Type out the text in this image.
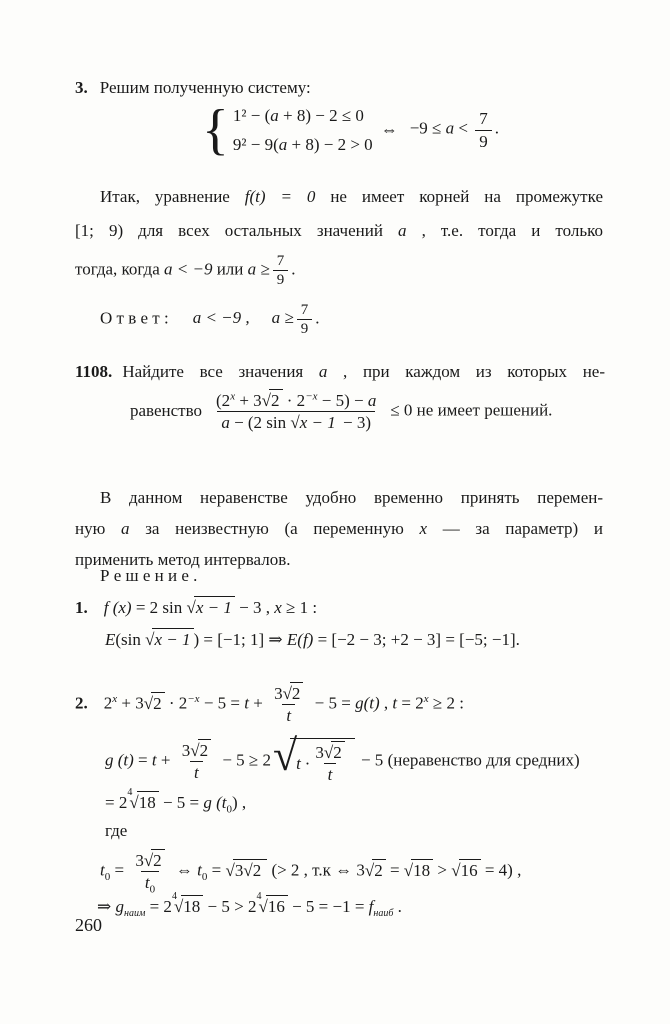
3. Решим полученную систему:
{ 1² − (a + 8) − 2 ≤ 0
9² − 9(a + 8) − 2 > 0
⇔ $-9 \le a < \frac{7}{9}$ .
Итак, уравнение f(t) = 0 не имеет корней на промежутке
[1; 9) для всех остальных значений a , т.е. тогда и только
тогда, когда a < −9 или $a \ge \frac{7}{9}$ .
О т в е т : a < −9 , $a \ge \frac{7}{9}$ .
1108. Найдите все значения a , при каждом из которых не-
равенство $\frac{(2^x + 3√2 \cdot 2^{-x} - 5) - a}{a - (2 \sin √x - 1 - 3)} \le 0$ не имеет решений.
В данном неравенстве удобно временно принять перемен-
ную a за неизвестную (а переменную x — за параметр) и
применить метод интервалов.
Р е ш е н и е .
1. f (x) = 2 sin √x − 1 − 3 , x ≥ 1 :
E(sin √x − 1 ) = [−1; 1] ⇒ E(f) = [−2 − 3; +2 − 3] = [−5; −1].
2. $2^x + 3√2 \cdot 2^{-x} - 5 = t + \frac{3√2}{t} - 5 = g(t)$ , $t = 2^x \ge 2$ :
g $(t) = t + \frac{3√2}{t} - 5 \ge 2$ √ t ·
3√2
t
− 5 (неравенство для средних)
= $2^4√18 - 5 = g$ $(t_0)$ ,
где
$t_0 = \frac{3√2}{t_0}$ ⇔ $t_0 = √3√2$ (> 2 , т.к ⇔ 3√2 = √18 > √16 = 4) ,
⇒ $g_{наим} = 2^4√18 - 5 > 2^4√16 - 5 = -1 = f_{наиб}$ .
260
